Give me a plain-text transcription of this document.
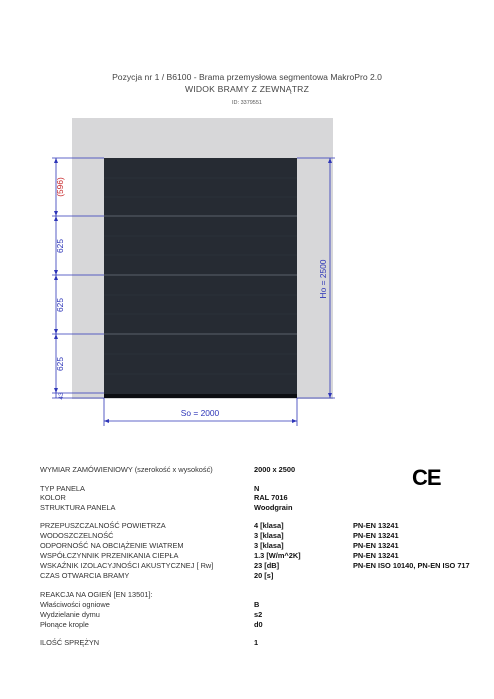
Pozycja nr 1 / B6100 - Brama przemysłowa segmentowa MakroPro 2.0
WIDOK BRAMY Z ZEWNĄTRZ
ID: 3379551
(596)
625
625
625
43
Ho = 2500
So = 2000
WYMIAR ZAMÓWIENIOWY (szerokość x wysokość)	2000 x 2500
TYP PANELA	N
KOLOR	RAL 7016
STRUKTURA PANELA	Woodgrain
PRZEPUSZCZALNOŚĆ POWIETRZA	4 [klasa]	PN-EN 13241
WODOSZCZELNOŚĆ	3 [klasa]	PN-EN 13241
ODPORNOŚĆ NA OBCIĄŻENIE WIATREM	3 [klasa]	PN-EN 13241
WSPÓŁCZYNNIK PRZENIKANIA CIEPŁA	1.3 [W/m^2K]	PN-EN 13241
WSKAŹNIK IZOLACYJNOŚCI AKUSTYCZNEJ [ Rw]	23 [dB]	PN-EN ISO 10140, PN-EN ISO 717
CZAS OTWARCIA BRAMY	20 [s]
REAKCJA NA OGIEŃ [EN 13501]:
Właściwości ogniowe	B
Wydzielanie dymu	s2
Płonące krople	d0
ILOŚĆ SPRĘŻYN	1
CE
